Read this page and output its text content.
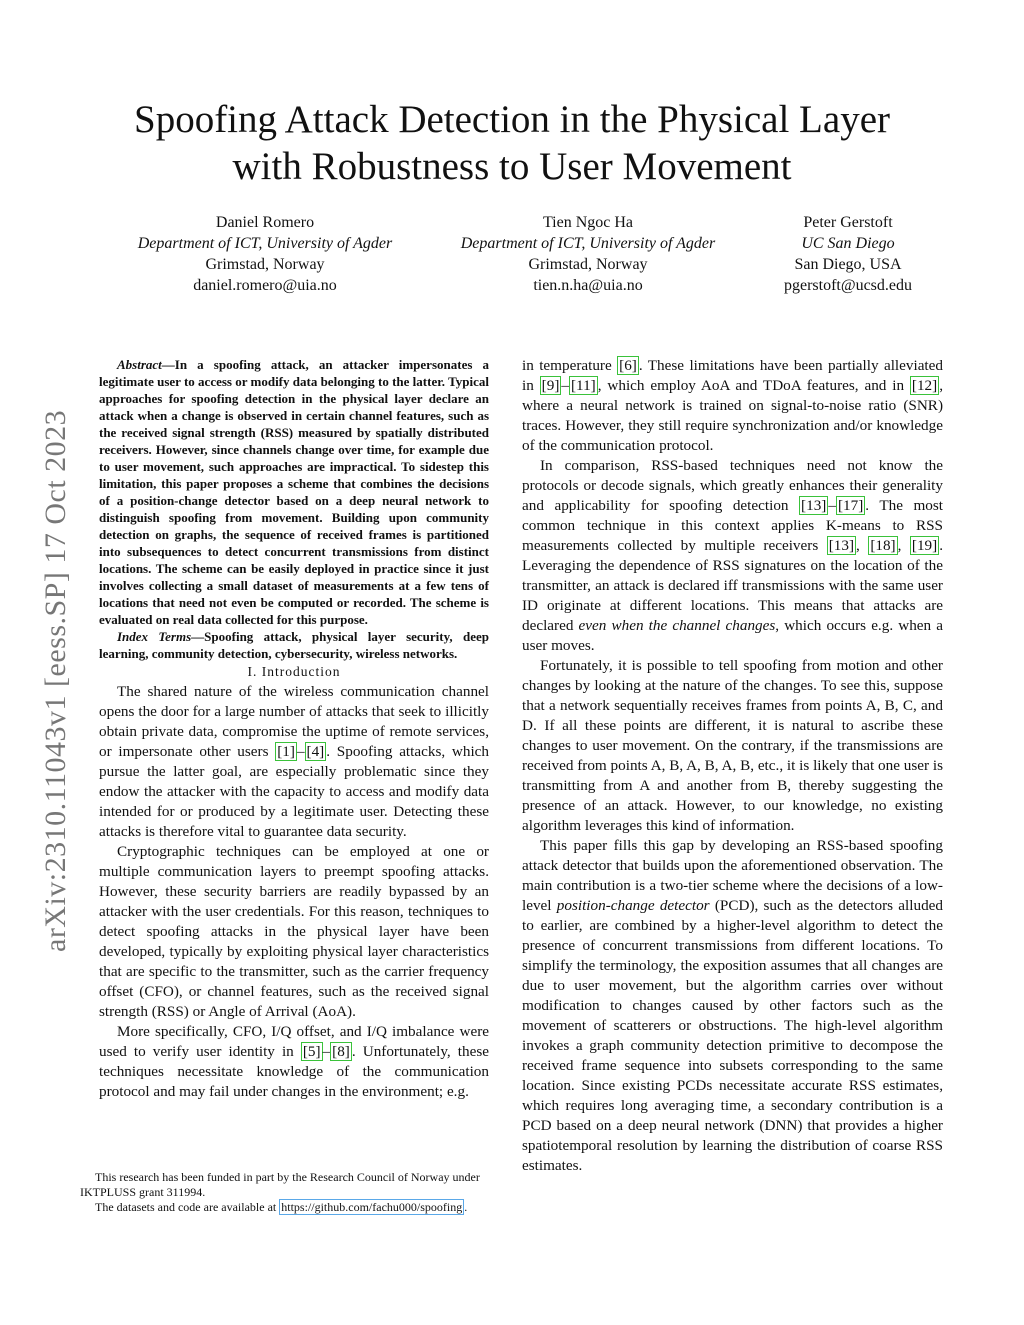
Spoofing Attack Detection in the Physical Layer
with Robustness to User Movement
Daniel Romero
Department of ICT, University of Agder
Grimstad, Norway
daniel.romero@uia.no
Tien Ngoc Ha
Department of ICT, University of Agder
Grimstad, Norway
tien.n.ha@uia.no
Peter Gerstoft
UC San Diego
San Diego, USA
pgerstoft@ucsd.edu
arXiv:2310.11043v1 [eess.SP] 17 Oct 2023

Abstract—In a spoofing attack, an attacker impersonates a legitimate user to access or modify data belonging to the latter. Typical approaches for spoofing detection in the physical layer declare an attack when a change is observed in certain channel features, such as the received signal strength (RSS) measured by spatially distributed receivers. However, since channels change over time, for example due to user movement, such approaches are impractical. To sidestep this limitation, this paper proposes a scheme that combines the decisions of a position-change detector based on a deep neural network to distinguish spoofing from movement. Building upon community detection on graphs, the sequence of received frames is partitioned into subsequences to detect concurrent transmissions from distinct locations. The scheme can be easily deployed in practice since it just involves collecting a small dataset of measurements at a few tens of locations that need not even be computed or recorded. The scheme is evaluated on real data collected for this purpose.

Index Terms—Spoofing attack, physical layer security, deep learning, community detection, cybersecurity, wireless networks.

I. Introduction

The shared nature of the wireless communication channel opens the door for a large number of attacks that seek to illicitly obtain private data, compromise the uptime of remote services, or impersonate other users [1] – [4] . Spoofing attacks, which pursue the latter goal, are especially problematic since they endow the attacker with the capacity to access and modify data intended for or produced by a legitimate user. Detecting these attacks is therefore vital to guarantee data security.

Cryptographic techniques can be employed at one or multiple communication layers to preempt spoofing attacks. However, these security barriers are readily bypassed by an attacker with the user credentials. For this reason, techniques to detect spoofing attacks in the physical layer have been developed, typically by exploiting physical layer characteristics that are specific to the transmitter, such as the carrier frequency offset (CFO), or channel features, such as the received signal strength (RSS) or Angle of Arrival (AoA).

More specifically, CFO, I/Q offset, and I/Q imbalance were used to verify user identity in [5] – [8] . Unfortunately, these techniques necessitate knowledge of the communication protocol and may fail under changes in the environment; e.g.

in temperature [6] . These limitations have been partially alleviated in [9] – [11] , which employ AoA and TDoA features, and in [12] , where a neural network is trained on signal-to-noise ratio (SNR) traces. However, they still require synchronization and/or knowledge of the communication protocol.

In comparison, RSS-based techniques need not know the protocols or decode signals, which greatly enhances their generality and applicability for spoofing detection [13] – [17] . The most common technique in this context applies K-means to RSS measurements collected by multiple receivers [13] , [18] , [19] . Leveraging the dependence of RSS signatures on the location of the transmitter, an attack is declared iff transmissions with the same user ID originate at different locations. This means that attacks are declared even when the channel changes, which occurs e.g. when a user moves.

Fortunately, it is possible to tell spoofing from motion and other changes by looking at the nature of the changes. To see this, suppose that a network sequentially receives frames from points A, B, C, and D. If all these points are different, it is natural to ascribe these changes to user movement. On the contrary, if the transmissions are received from points A, B, A, B, A, B, etc., it is likely that one user is transmitting from A and another from B, thereby suggesting the presence of an attack. However, to our knowledge, no existing algorithm leverages this kind of information.

This paper fills this gap by developing an RSS-based spoofing attack detector that builds upon the aforementioned observation. The main contribution is a two-tier scheme where the decisions of a low-level position-change detector (PCD), such as the detectors alluded to earlier, are combined by a higher-level algorithm to detect the presence of concurrent transmissions from different locations. To simplify the terminology, the exposition assumes that all changes are due to user movement, but the algorithm carries over without modification to changes caused by other factors such as the movement of scatterers or obstructions. The high-level algorithm invokes a graph community detection primitive to decompose the received frame sequence into subsets corresponding to the same location. Since existing PCDs necessitate accurate RSS estimates, which requires long averaging time, a secondary contribution is a PCD based on a deep neural network (DNN) that provides a higher spatiotemporal resolution by learning the distribution of coarse RSS estimates.

This research has been funded in part by the Research Council of Norway under IKTPLUSS grant 311994.

The datasets and code are available at https://github.com/fachu000/spoofing .
